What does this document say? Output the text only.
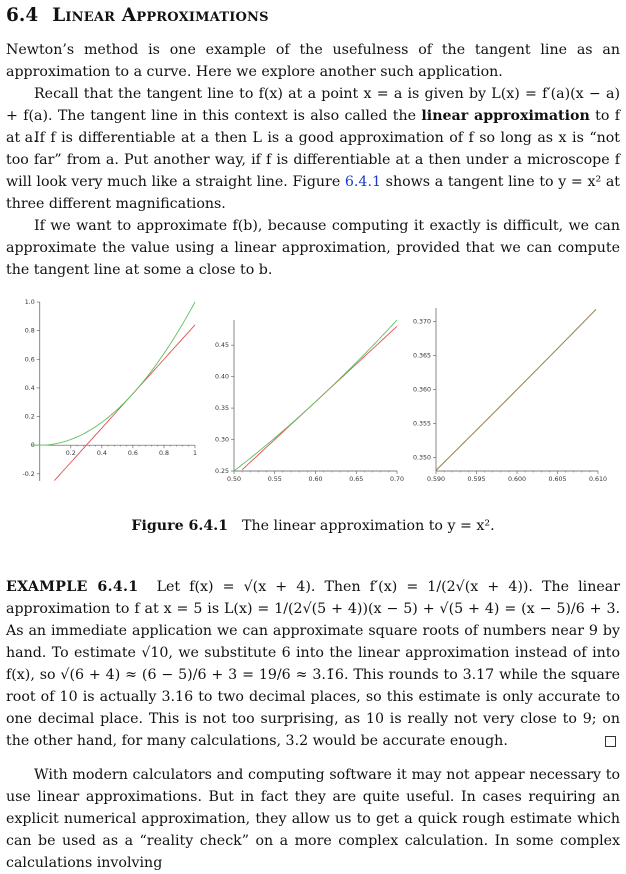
6.4 Linear Approximations
Newton’s method is one example of the usefulness of the tangent line as an approximation to a curve. Here we explore another such application.
Recall that the tangent line to f(x) at a point x = a is given by L(x) = f′(a)(x − a) + f(a). The tangent line in this context is also called the linear approximation to f at a.
If f is differentiable at a then L is a good approximation of f so long as x is “not too far” from a. Put another way, if f is differentiable at a then under a microscope f will look very much like a straight line. Figure 6.4.1 shows a tangent line to y = x² at three different magnifications.
If we want to approximate f(b), because computing it exactly is difficult, we can approximate the value using a linear approximation, provided that we can compute the tangent line at some a close to b.
0.2	0.4	0.6	0.8	1
-0.2
0
0.2
0.4
0.6
0.8
1.0
0.50	0.55	0.60	0.65	0.70
0.25
0.30
0.35
0.40
0.45
0.590	0.595	0.600	0.605	0.610
0.350
0.355
0.360
0.365
0.370
Figure 6.4.1 The linear approximation to y = x².
EXAMPLE 6.4.1 Let f(x) = √(x + 4). Then f′(x) = 1/(2√(x + 4)). The linear approximation to f at x = 5 is L(x) = 1/(2√(5 + 4))(x − 5) + √(5 + 4) = (x − 5)/6 + 3. As an immediate application we can approximate square roots of numbers near 9 by hand. To estimate √10, we substitute 6 into the linear approximation instead of into f(x), so √(6 + 4) ≈ (6 − 5)/6 + 3 = 19/6 ≈ 3.1̄6. This rounds to 3.17 while the square root of 10 is actually 3.16 to two decimal places, so this estimate is only accurate to one decimal place. This is not too surprising, as 10 is really not very close to 9; on the other hand, for many calculations, 3.2 would be accurate enough.
With modern calculators and computing software it may not appear necessary to use linear approximations. But in fact they are quite useful. In cases requiring an explicit numerical approximation, they allow us to get a quick rough estimate which can be used as a “reality check” on a more complex calculation. In some complex calculations involving
